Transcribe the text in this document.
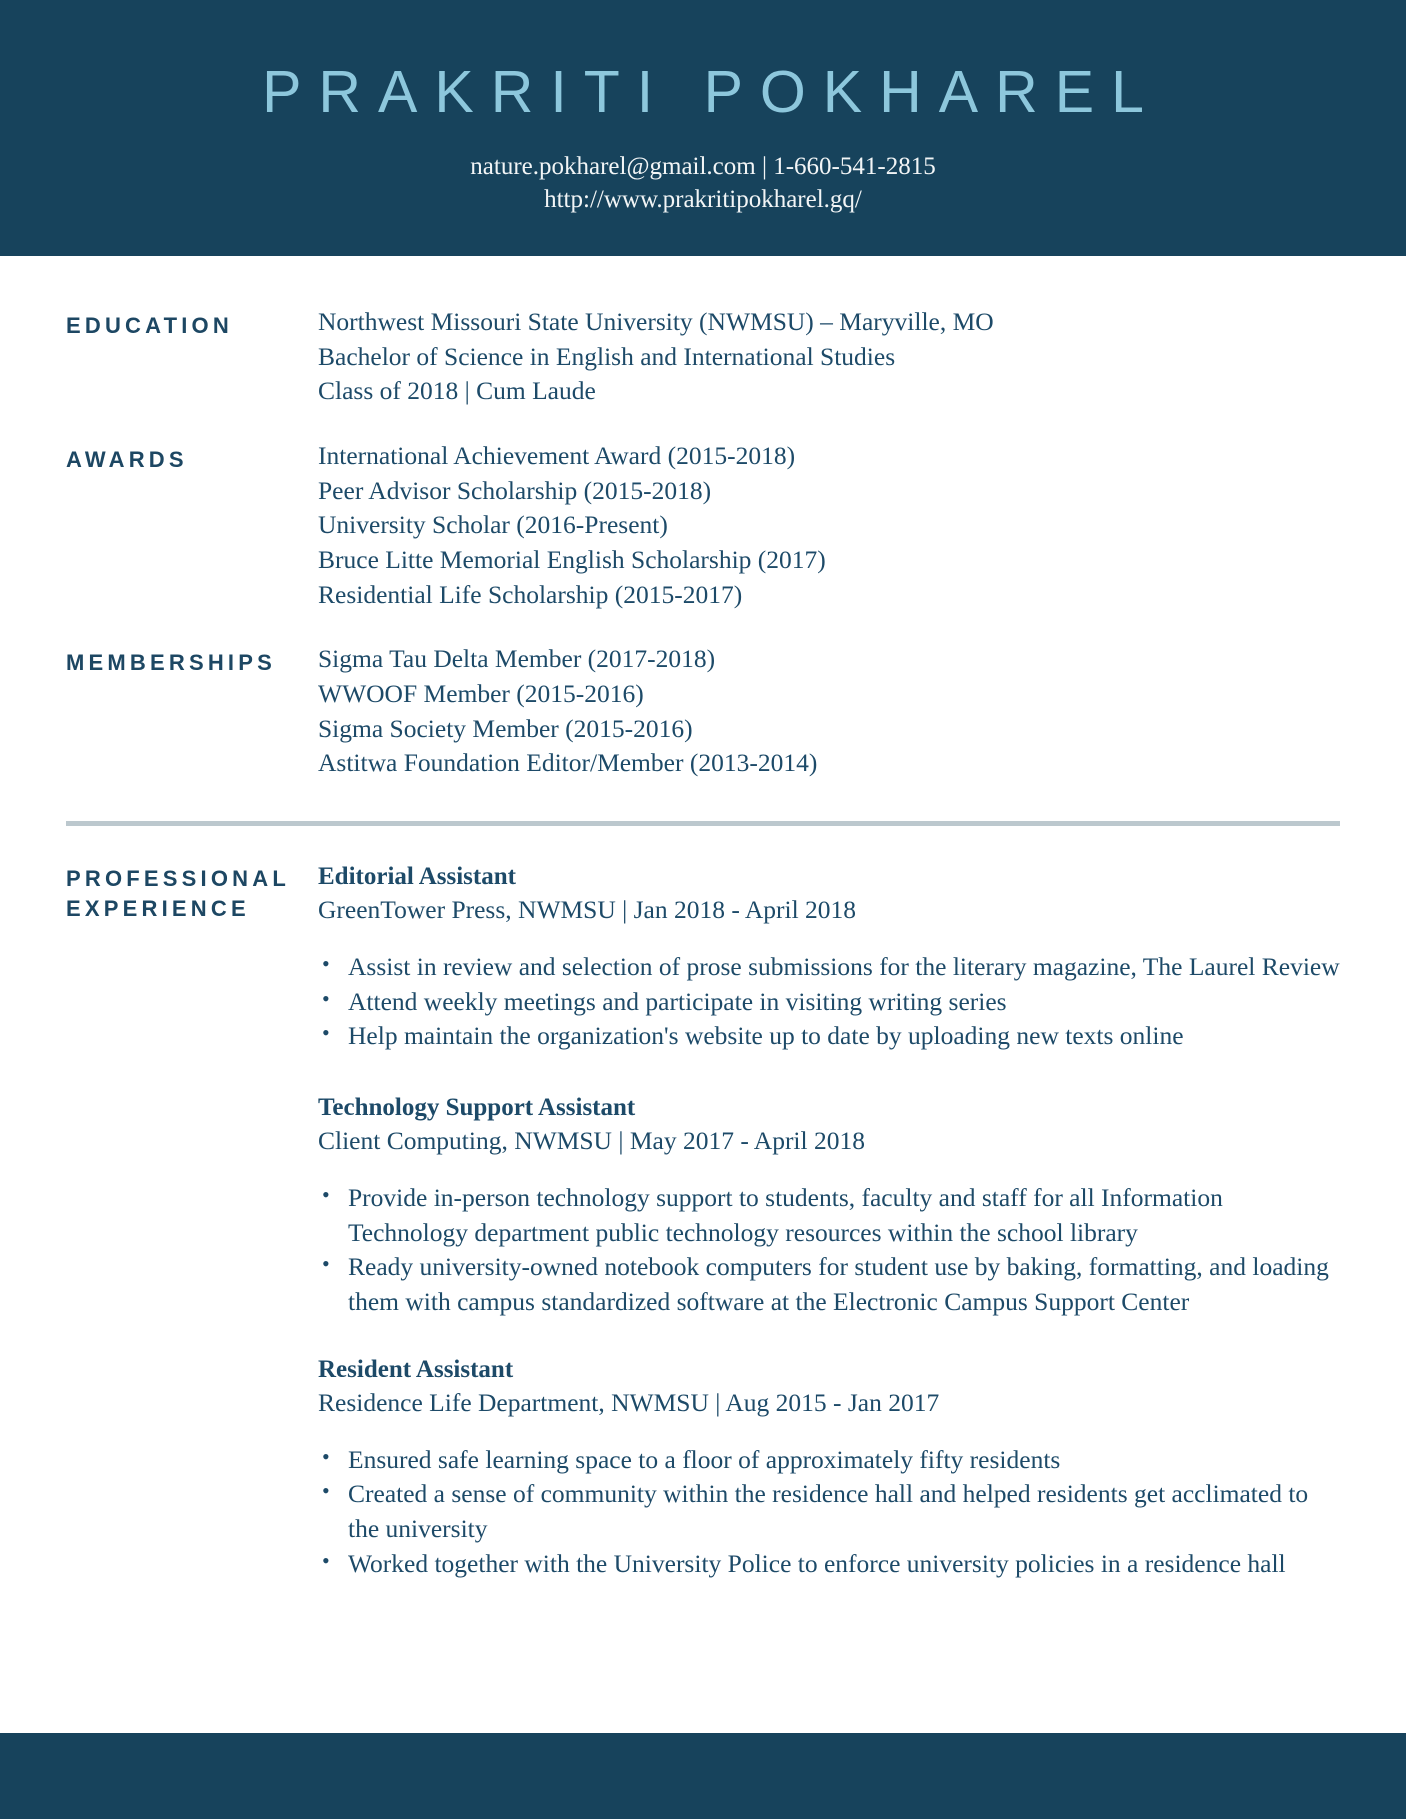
PRAKRITI POKHAREL
nature.pokharel@gmail.com | 1-660-541-2815
http://www.prakritipokharel.gq/
EDUCATION	Northwest Missouri State University (NWMSU) – Maryville, MO
Bachelor of Science in English and International Studies
Class of 2018 | Cum Laude
AWARDS	International Achievement Award (2015-2018)
Peer Advisor Scholarship (2015-2018)
University Scholar (2016-Present)
Bruce Litte Memorial English Scholarship (2017)
Residential Life Scholarship (2015-2017)
MEMBERSHIPS	Sigma Tau Delta Member (2017-2018)
WWOOF Member (2015-2016)
Sigma Society Member (2015-2016)
Astitwa Foundation Editor/Member (2013-2014)
PROFESSIONAL
EXPERIENCE
Editorial Assistant
GreenTower Press, NWMSU | Jan 2018 - April 2018
• Assist in review and selection of prose submissions for the literary magazine, The Laurel Review
• Attend weekly meetings and participate in visiting writing series
• Help maintain the organization's website up to date by uploading new texts online
Technology Support Assistant
Client Computing, NWMSU | May 2017 - April 2018
• Provide in-person technology support to students, faculty and staff for all Information Technology department public technology resources within the school library
• Ready university-owned notebook computers for student use by baking, formatting, and loading them with campus standardized software at the Electronic Campus Support Center
Resident Assistant
Residence Life Department, NWMSU | Aug 2015 - Jan 2017
• Ensured safe learning space to a floor of approximately fifty residents
• Created a sense of community within the residence hall and helped residents get acclimated to the university
• Worked together with the University Police to enforce university policies in a residence hall
